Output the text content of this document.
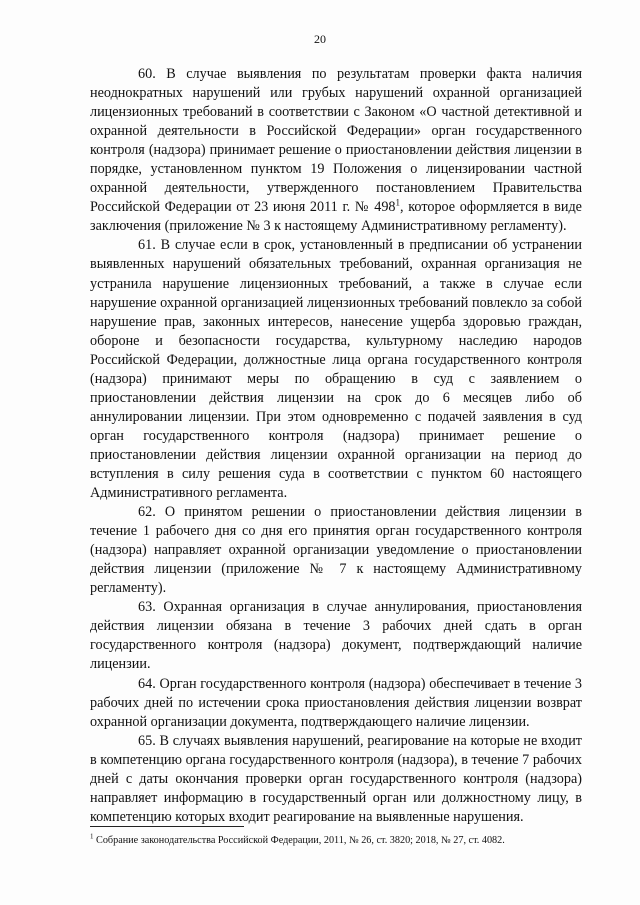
20

60. В случае выявления по результатам проверки факта наличия неоднократных нарушений или грубых нарушений охранной организацией лицензионных требований в соответствии с Законом «О частной детективной и охранной деятельности в Российской Федерации» орган государственного контроля (надзора) принимает решение о приостановлении действия лицензии в порядке, установленном пунктом 19 Положения о лицензировании частной охранной деятельности, утвержденного постановлением Правительства Российской Федерации от 23 июня 2011 г. № $498^1$, которое оформляется в виде заключения (приложение № 3 к настоящему Административному регламенту).

61. В случае если в срок, установленный в предписании об устранении выявленных нарушений обязательных требований, охранная организация не устранила нарушение лицензионных требований, а также в случае если нарушение охранной организацией лицензионных требований повлекло за собой нарушение прав, законных интересов, нанесение ущерба здоровью граждан, обороне и безопасности государства, культурному наследию народов Российской Федерации, должностные лица органа государственного контроля (надзора) принимают меры по обращению в суд с заявлением о приостановлении действия лицензии на срок до 6 месяцев либо об аннулировании лицензии. При этом одновременно с подачей заявления в суд орган государственного контроля (надзора) принимает решение о приостановлении действия лицензии охранной организации на период до вступления в силу решения суда в соответствии с пунктом 60 настоящего Административного регламента.

62. О принятом решении о приостановлении действия лицензии в течение 1 рабочего дня со дня его принятия орган государственного контроля (надзора) направляет охранной организации уведомление о приостановлении действия лицензии (приложение № 7 к настоящему Административному регламенту).

63. Охранная организация в случае аннулирования, приостановления действия лицензии обязана в течение 3 рабочих дней сдать в орган государственного контроля (надзора) документ, подтверждающий наличие лицензии.

64. Орган государственного контроля (надзора) обеспечивает в течение 3 рабочих дней по истечении срока приостановления действия лицензии возврат охранной организации документа, подтверждающего наличие лицензии.

65. В случаях выявления нарушений, реагирование на которые не входит в компетенцию органа государственного контроля (надзора), в течение 7 рабочих дней с даты окончания проверки орган государственного контроля (надзора) направляет информацию в государственный орган или должностному лицу, в компетенцию которых входит реагирование на выявленные нарушения.

$^1$ Собрание законодательства Российской Федерации, 2011, № 26, ст. 3820; 2018, № 27, ст. 4082.
